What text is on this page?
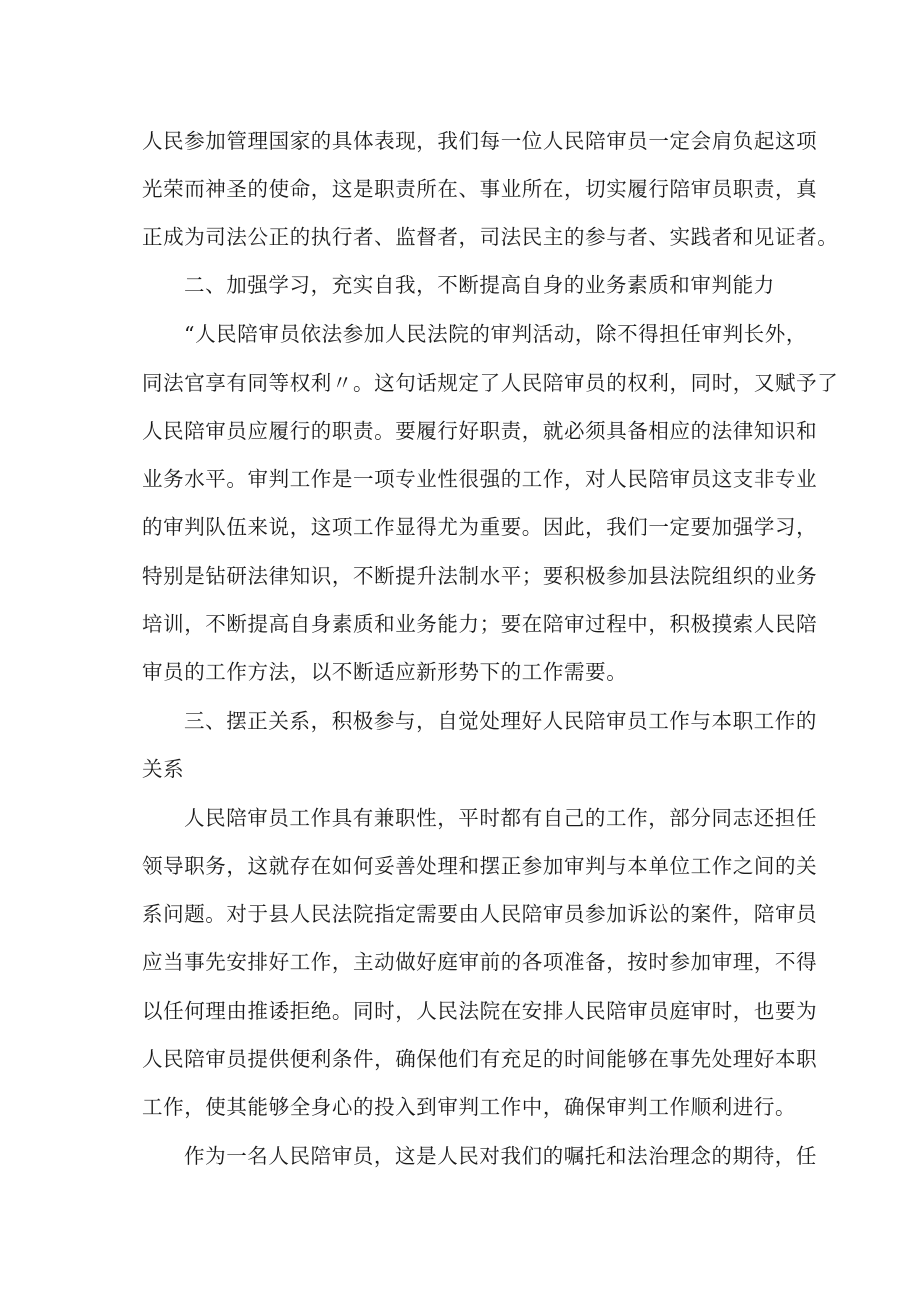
人民参加管理国家的具体表现，我们每一位人民陪审员一定会肩负起这项

光荣而神圣的使命，这是职责所在、事业所在，切实履行陪审员职责，真

正成为司法公正的执行者、监督者，司法民主的参与者、实践者和见证者。

二、加强学习，充实自我，不断提高自身的业务素质和审判能力

“人民陪审员依法参加人民法院的审判活动，除不得担任审判长外，

同法官享有同等权利〃。这句话规定了人民陪审员的权利，同时，又赋予了

人民陪审员应履行的职责。要履行好职责，就必须具备相应的法律知识和

业务水平。审判工作是一项专业性很强的工作，对人民陪审员这支非专业

的审判队伍来说，这项工作显得尤为重要。因此，我们一定要加强学习，

特别是钻研法律知识，不断提升法制水平；要积极参加县法院组织的业务

培训，不断提高自身素质和业务能力；要在陪审过程中，积极摸索人民陪

审员的工作方法，以不断适应新形势下的工作需要。

三、摆正关系，积极参与，自觉处理好人民陪审员工作与本职工作的

关系

人民陪审员工作具有兼职性，平时都有自己的工作，部分同志还担任

领导职务，这就存在如何妥善处理和摆正参加审判与本单位工作之间的关

系问题。对于县人民法院指定需要由人民陪审员参加诉讼的案件，陪审员

应当事先安排好工作，主动做好庭审前的各项准备，按时参加审理，不得

以任何理由推诿拒绝。同时，人民法院在安排人民陪审员庭审时，也要为

人民陪审员提供便利条件，确保他们有充足的时间能够在事先处理好本职

工作，使其能够全身心的投入到审判工作中，确保审判工作顺利进行。

作为一名人民陪审员，这是人民对我们的嘱托和法治理念的期待，任
